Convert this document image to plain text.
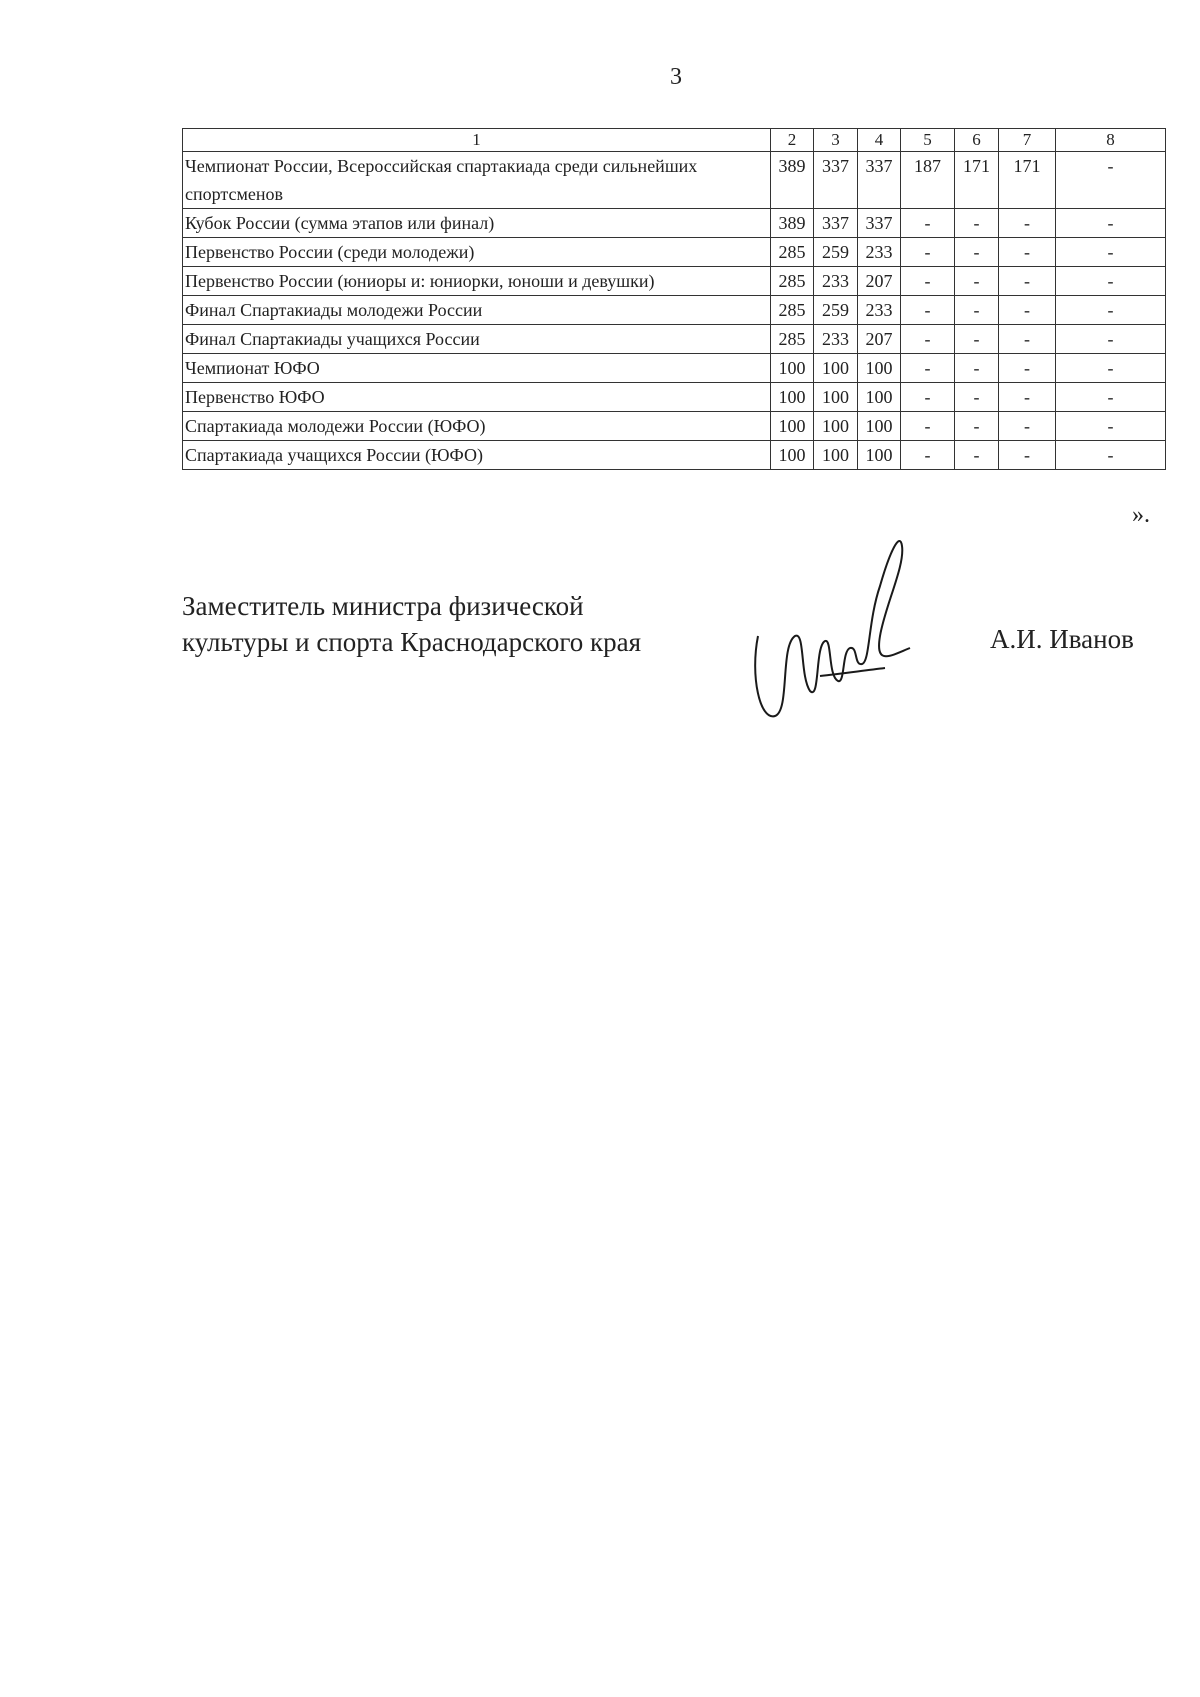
3
1	2	3	4	5	6	7	8
Чемпионат России, Всероссийская спартакиада среди сильнейших спортсменов	389	337	337	187	171	171	-
Кубок России (сумма этапов или финал)	389	337	337	-	-	-	-
Первенство России (среди молодежи)	285	259	233	-	-	-	-
Первенство России (юниоры и: юниорки, юноши и девушки)	285	233	207	-	-	-	-
Финал Спартакиады молодежи России	285	259	233	-	-	-	-
Финал Спартакиады учащихся России	285	233	207	-	-	-	-
Чемпионат ЮФО	100	100	100	-	-	-	-
Первенство ЮФО	100	100	100	-	-	-	-
Спартакиада молодежи России (ЮФО)	100	100	100	-	-	-	-
Спартакиада учащихся России (ЮФО)	100	100	100	-	-	-	-
».
Заместитель министра физической
культуры и спорта Краснодарского края	А.И. Иванов
